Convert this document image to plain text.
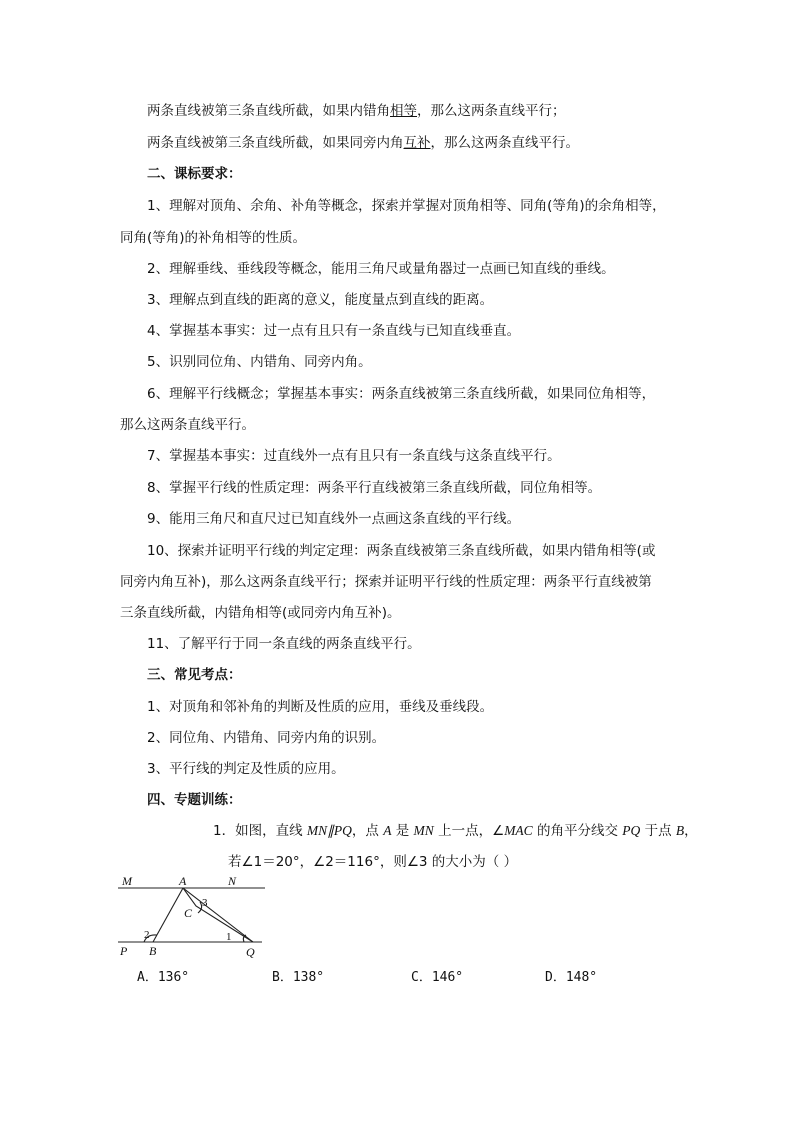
两条直线被第三条直线所截，如果内错角相等，那么这两条直线平行；
两条直线被第三条直线所截，如果同旁内角互补，那么这两条直线平行。
二、课标要求：
1、理解对顶角、余角、补角等概念，探索并掌握对顶角相等、同角(等角)的余角相等，
同角(等角)的补角相等的性质。
2、理解垂线、垂线段等概念，能用三角尺或量角器过一点画已知直线的垂线。
3、理解点到直线的距离的意义，能度量点到直线的距离。
4、掌握基本事实：过一点有且只有一条直线与已知直线垂直。
5、识别同位角、内错角、同旁内角。
6、理解平行线概念；掌握基本事实：两条直线被第三条直线所截，如果同位角相等，
那么这两条直线平行。
7、掌握基本事实：过直线外一点有且只有一条直线与这条直线平行。
8、掌握平行线的性质定理：两条平行直线被第三条直线所截，同位角相等。
9、能用三角尺和直尺过已知直线外一点画这条直线的平行线。
10、探索并证明平行线的判定定理：两条直线被第三条直线所截，如果内错角相等(或
同旁内角互补)，那么这两条直线平行；探索并证明平行线的性质定理：两条平行直线被第
三条直线所截，内错角相等(或同旁内角互补)。
11、了解平行于同一条直线的两条直线平行。
三、常见考点：
1、对顶角和邻补角的判断及性质的应用，垂线及垂线段。
2、同位角、内错角、同旁内角的识别。
3、平行线的判定及性质的应用。
四、专题训练：
1．如图，直线 MN∥PQ，点 A 是 MN 上一点，∠MAC 的角平分线交 PQ 于点 B，
若∠1＝20°，∠2＝116°，则∠3 的大小为（ ）
M	A	N
C
P B	Q
3
2	1
A．136°	B．138°	C．146°	D．148°
